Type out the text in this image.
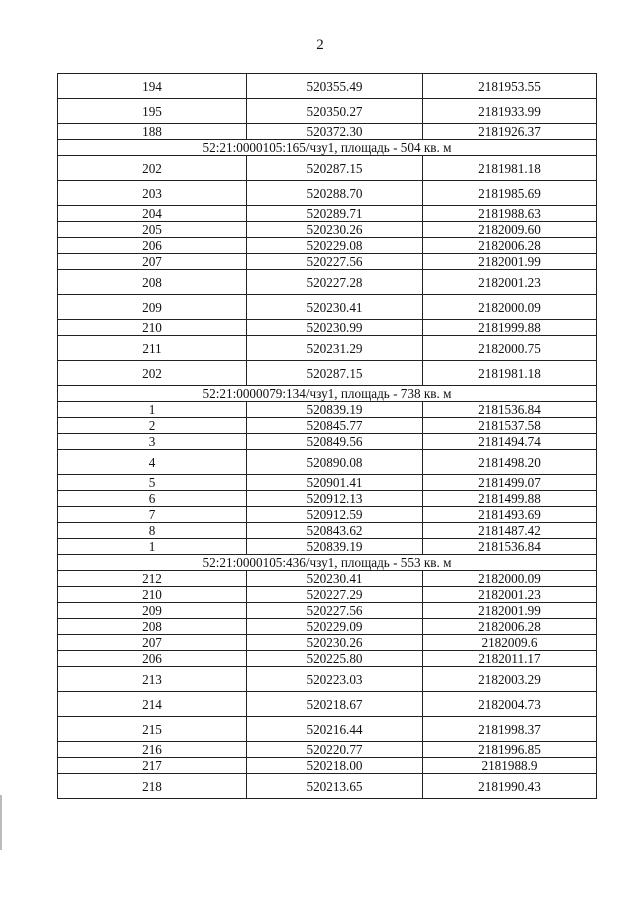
2
194	520355.49	2181953.55
195	520350.27	2181933.99
188	520372.30	2181926.37
52:21:0000105:165/чзу1, площадь - 504 кв. м		
202	520287.15	2181981.18
203	520288.70	2181985.69
204	520289.71	2181988.63
205	520230.26	2182009.60
206	520229.08	2182006.28
207	520227.56	2182001.99
208	520227.28	2182001.23
209	520230.41	2182000.09
210	520230.99	2181999.88
211	520231.29	2182000.75
202	520287.15	2181981.18
52:21:0000079:134/чзу1, площадь - 738 кв. м		
1	520839.19	2181536.84
2	520845.77	2181537.58
3	520849.56	2181494.74
4	520890.08	2181498.20
5	520901.41	2181499.07
6	520912.13	2181499.88
7	520912.59	2181493.69
8	520843.62	2181487.42
1	520839.19	2181536.84
52:21:0000105:436/чзу1, площадь - 553 кв. м		
212	520230.41	2182000.09
210	520227.29	2182001.23
209	520227.56	2182001.99
208	520229.09	2182006.28
207	520230.26	2182009.6
206	520225.80	2182011.17
213	520223.03	2182003.29
214	520218.67	2182004.73
215	520216.44	2181998.37
216	520220.77	2181996.85
217	520218.00	2181988.9
218	520213.65	2181990.43
